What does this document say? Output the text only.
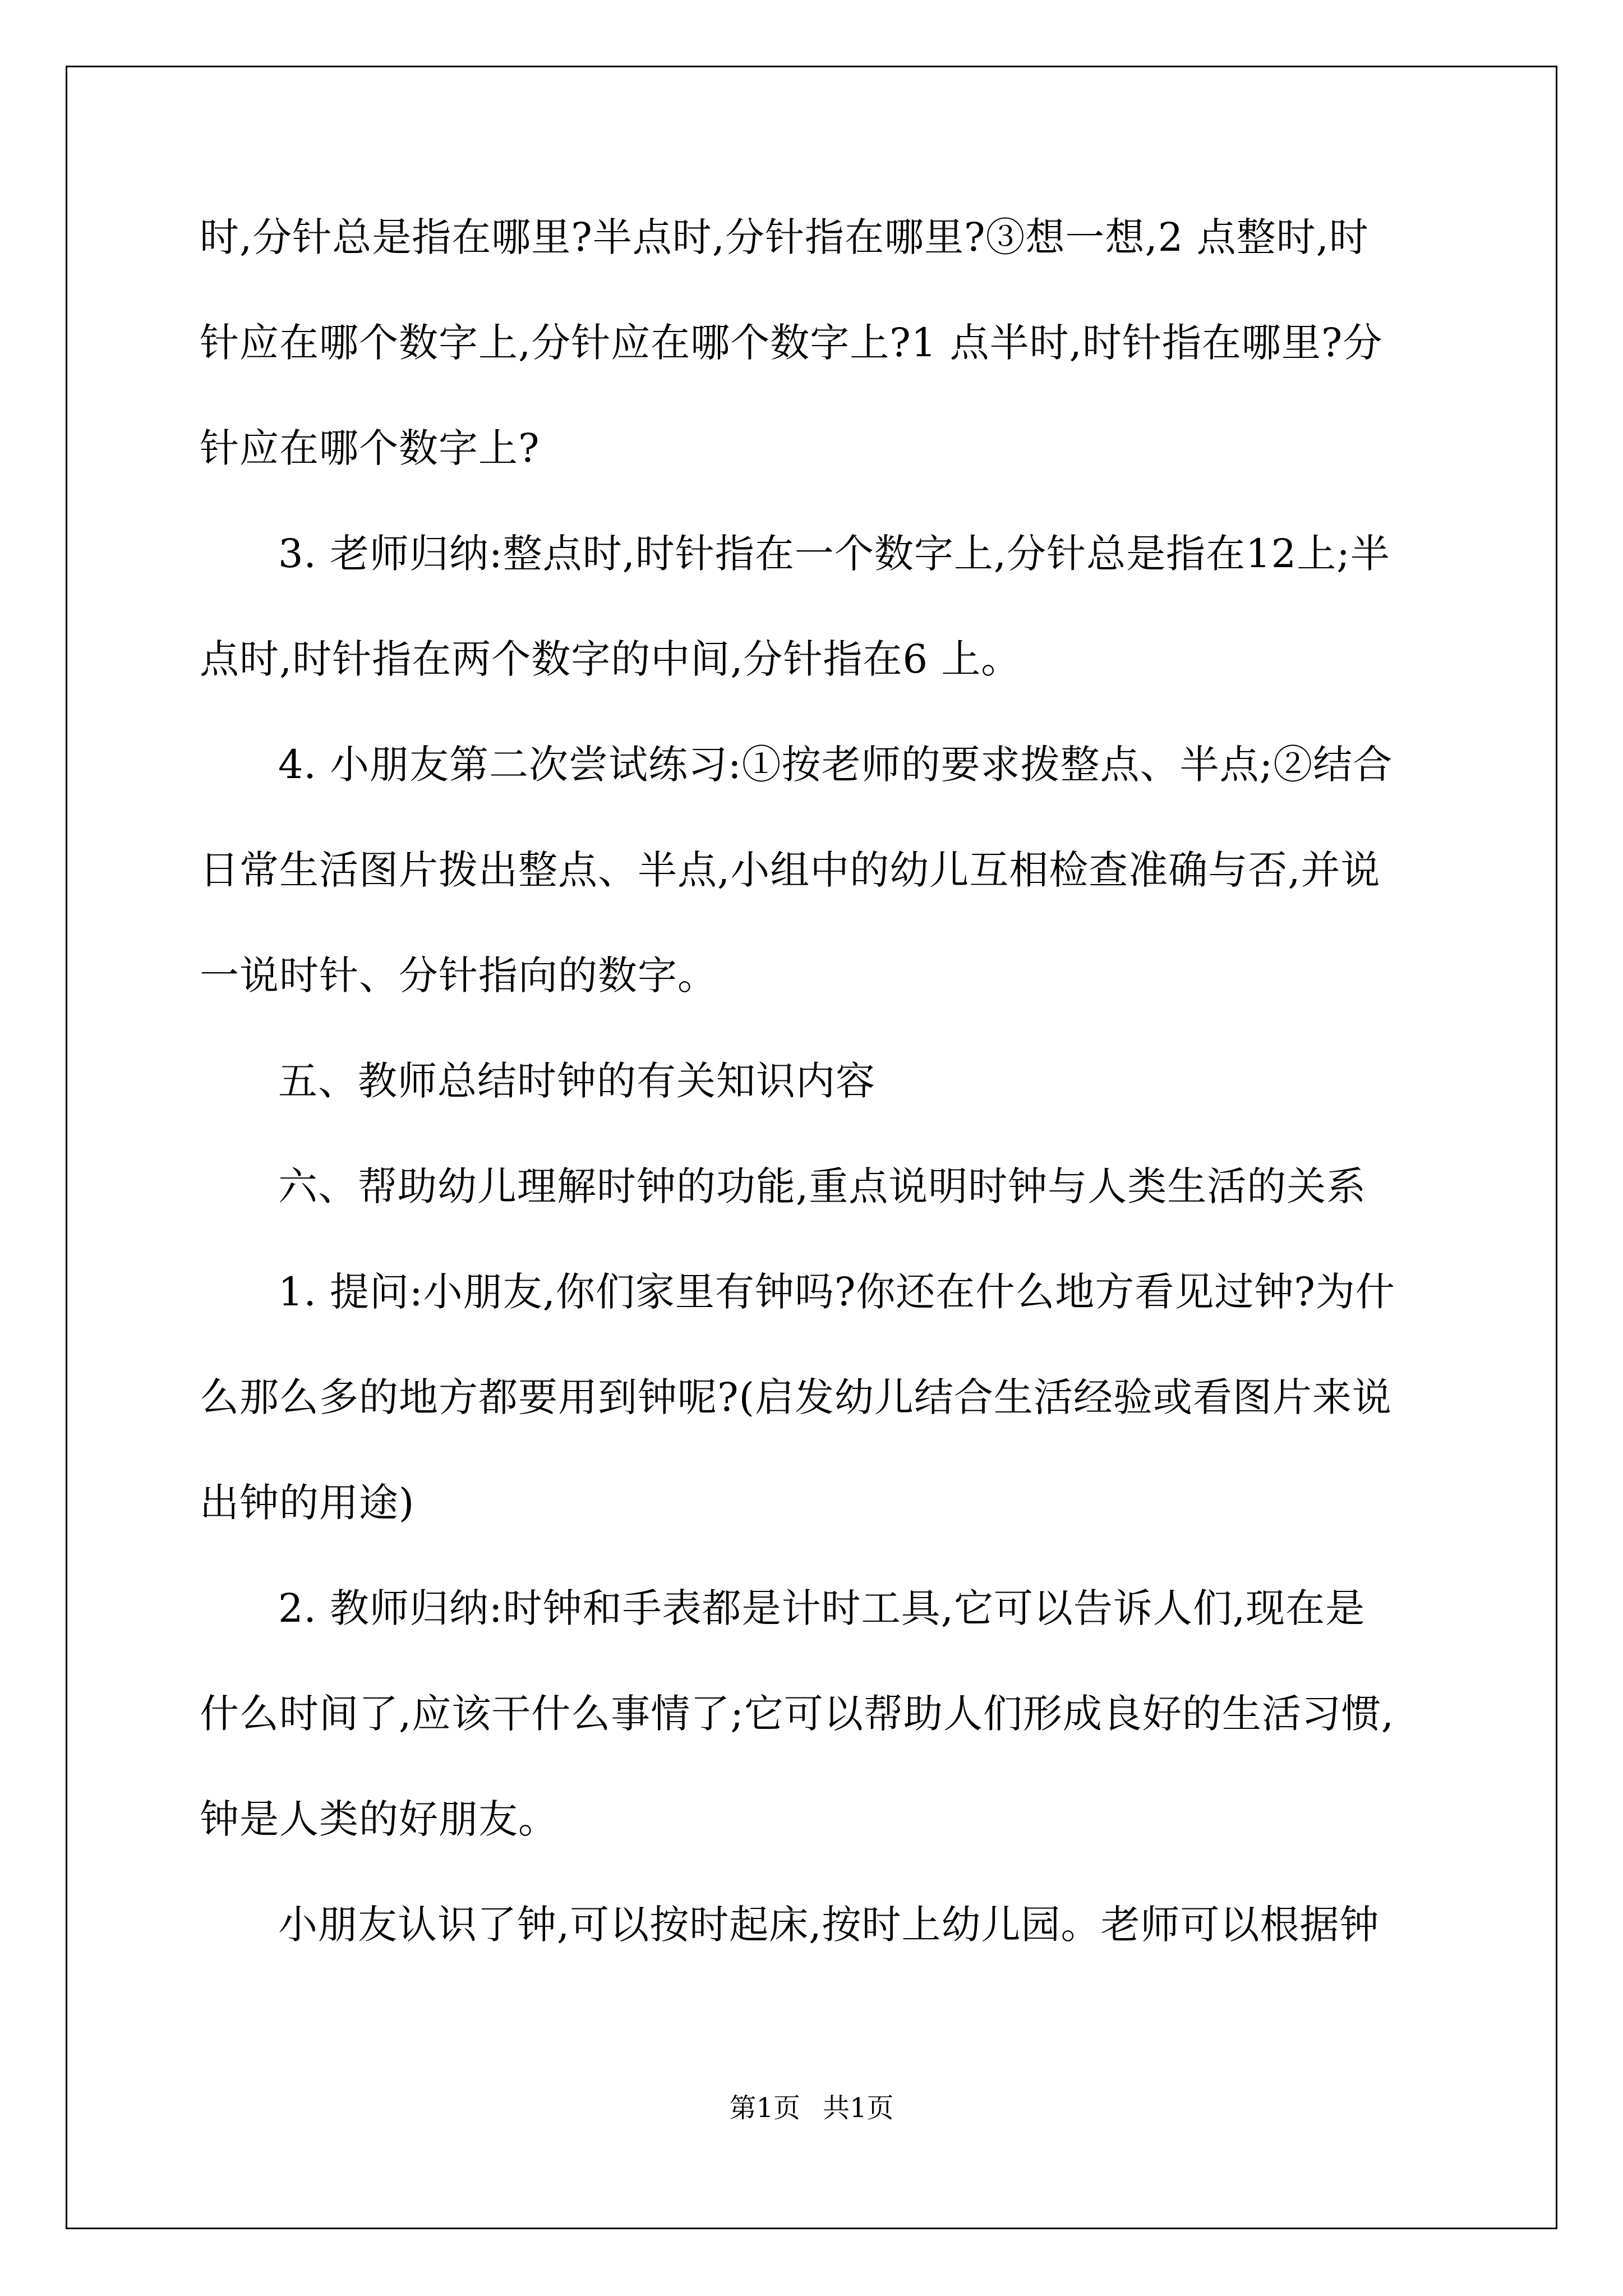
时,分针总是指在哪里?半点时,分针指在哪里?③想一想,2 点整时,时
针应在哪个数字上,分针应在哪个数字上?1 点半时,时针指在哪里?分
针应在哪个数字上?
3. 老师归纳:整点时,时针指在一个数字上,分针总是指在12上;半
点时,时针指在两个数字的中间,分针指在6 上。
4. 小朋友第二次尝试练习:①按老师的要求拨整点、半点;②结合
日常生活图片拨出整点、半点,小组中的幼儿互相检查准确与否,并说
一说时针、分针指向的数字。
五、教师总结时钟的有关知识内容
六、帮助幼儿理解时钟的功能,重点说明时钟与人类生活的关系
1. 提问:小朋友,你们家里有钟吗?你还在什么地方看见过钟?为什
么那么多的地方都要用到钟呢?(启发幼儿结合生活经验或看图片来说
出钟的用途)
2. 教师归纳:时钟和手表都是计时工具,它可以告诉人们,现在是
什么时间了,应该干什么事情了;它可以帮助人们形成良好的生活习惯,
钟是人类的好朋友。
小朋友认识了钟,可以按时起床,按时上幼儿园。老师可以根据钟
第1页 共1页
